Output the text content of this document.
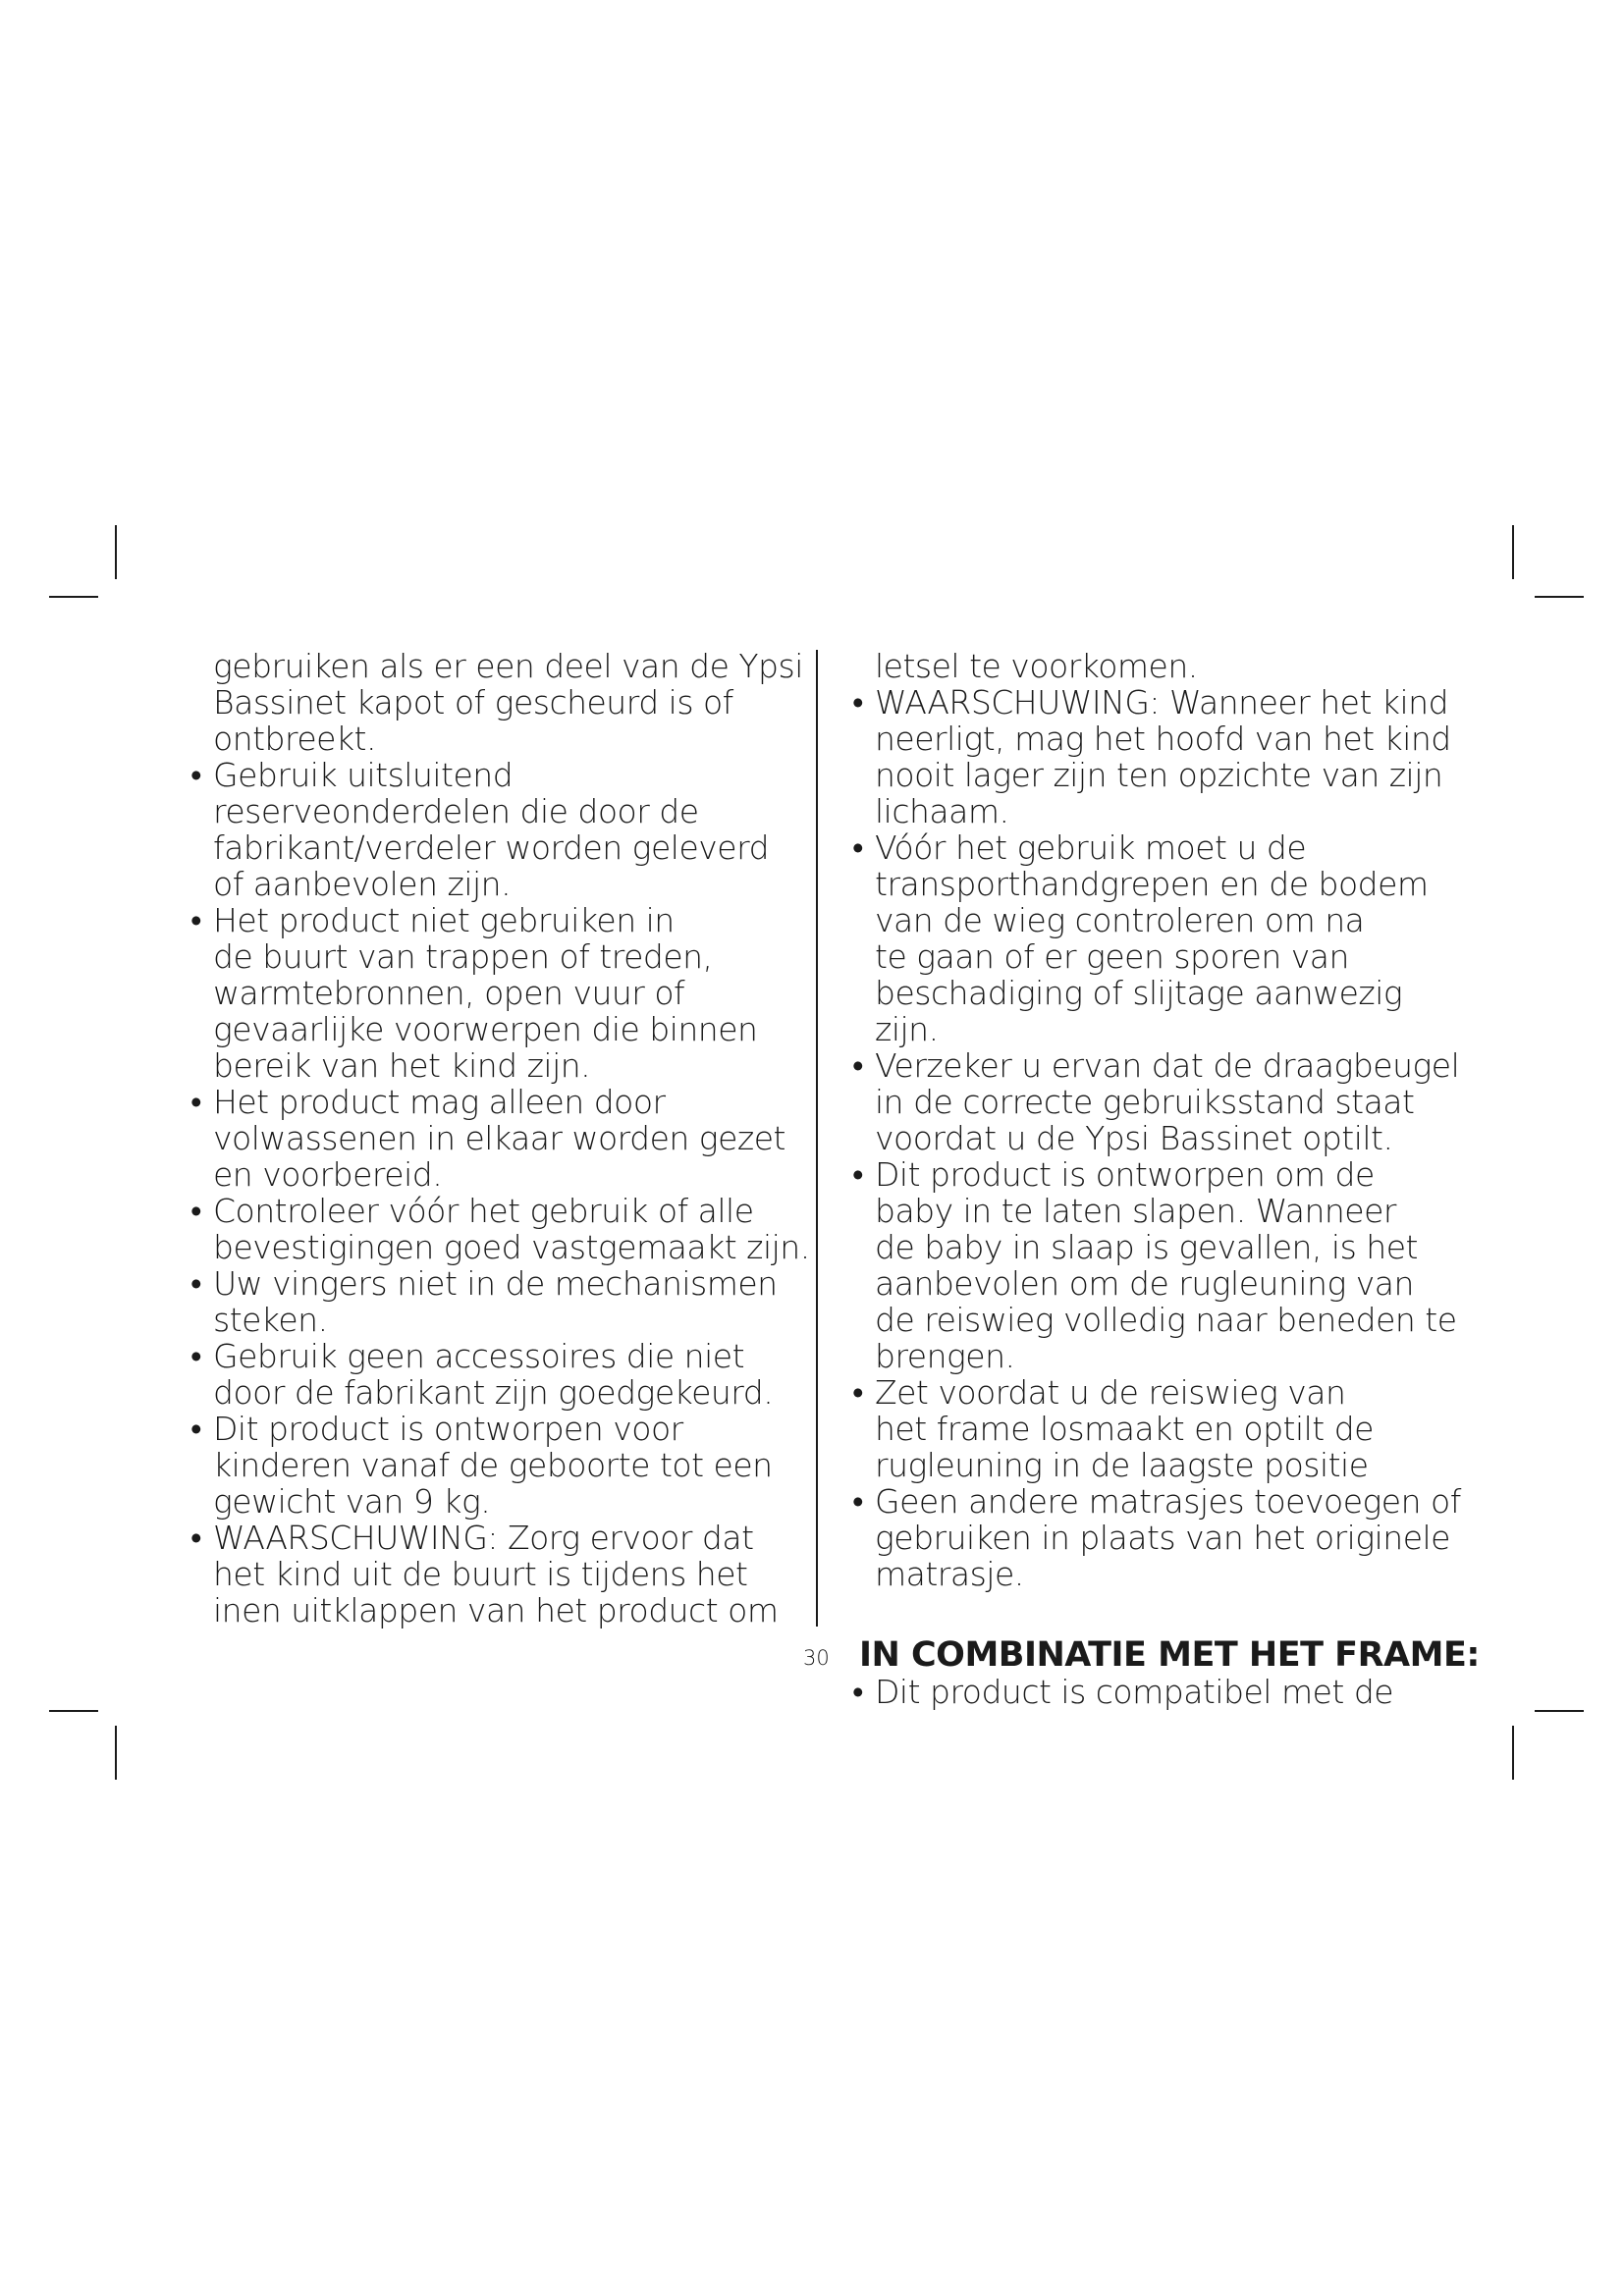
gebruiken als er een deel van de Ypsi
Bassinet kapot of gescheurd is of
ontbreekt.

• Gebruik uitsluitend
reserveonderdelen die door de
fabrikant/verdeler worden geleverd
of aanbevolen zijn.
• Het product niet gebruiken in
de buurt van trappen of treden,
warmtebronnen, open vuur of
gevaarlijke voorwerpen die binnen
bereik van het kind zijn.
• Het product mag alleen door
volwassenen in elkaar worden gezet
en voorbereid.
• Controleer vóór het gebruik of alle
bevestigingen goed vastgemaakt zijn.
• Uw vingers niet in de mechanismen
steken.
• Gebruik geen accessoires die niet
door de fabrikant zijn goedgekeurd.
• Dit product is ontworpen voor
kinderen vanaf de geboorte tot een
gewicht van 9 kg.
• WAARSCHUWING: Zorg ervoor dat
het kind uit de buurt is tijdens het
inen uitklappen van het product om

letsel te voorkomen.

• WAARSCHUWING: Wanneer het kind
neerligt, mag het hoofd van het kind
nooit lager zijn ten opzichte van zijn
lichaam.
• Vóór het gebruik moet u de
transporthandgrepen en de bodem
van de wieg controleren om na
te gaan of er geen sporen van
beschadiging of slijtage aanwezig zijn.
• Verzeker u ervan dat de draagbeugel
in de correcte gebruiksstand staat
voordat u de Ypsi Bassinet optilt.
• Dit product is ontworpen om de
baby in te laten slapen. Wanneer
de baby in slaap is gevallen, is het
aanbevolen om de rugleuning van
de reiswieg volledig naar beneden te
brengen.
• Zet voordat u de reiswieg van
het frame losmaakt en optilt de
rugleuning in de laagste positie
• Geen andere matrasjes toevoegen of
gebruiken in plaats van het originele
matrasje.
IN COMBINATIE MET HET FRAME:
• Dit product is compatibel met de
30
